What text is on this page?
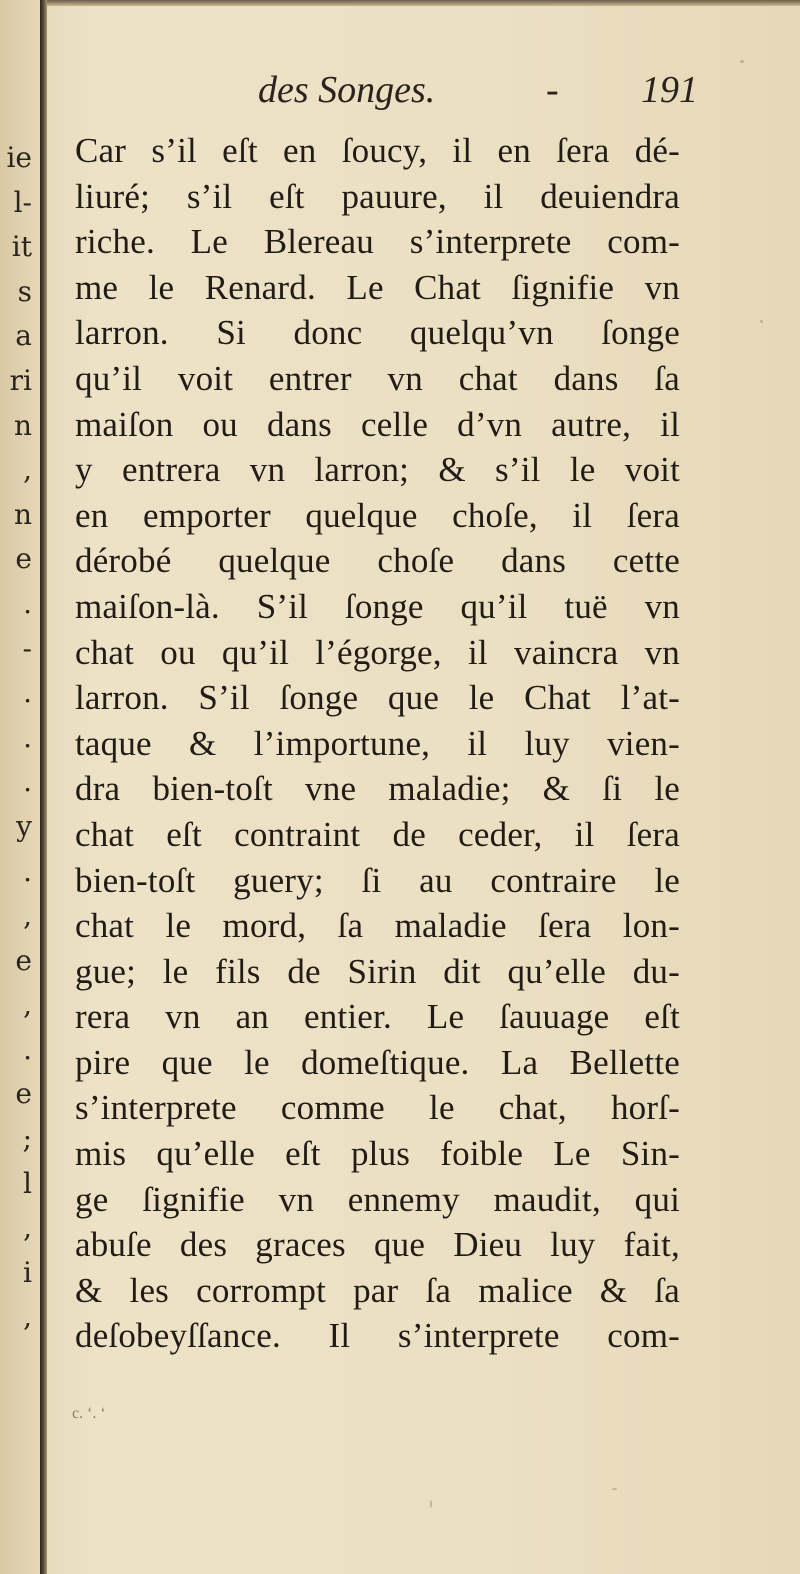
ie
l-
it
s
a
ri
n
,
n
e
.
-
.
.
.
y
.
,
e
,
.
e
;
l
,
i
,
des Songes.	- 191
Car s’il eſt en ſoucy, il en ſera dé-
liuré; s’il eſt pauure, il deuiendra
riche. Le Blereau s’interprete com-
me le Renard. Le Chat ſignifie vn
larron. Si donc quelqu’vn ſonge
qu’il voit entrer vn chat dans ſa
maiſon ou dans celle d’vn autre, il
y entrera vn larron; & s’il le voit
en emporter quelque choſe, il ſera
dérobé quelque choſe dans cette
maiſon-là. S’il ſonge qu’il tuë vn
chat ou qu’il l’égorge, il vaincra vn
larron. S’il ſonge que le Chat l’at-
taque & l’importune, il luy vien-
dra bien-toſt vne maladie; & ſi le
chat eſt contraint de ceder, il ſera
bien-toſt guery; ſi au contraire le
chat le mord, ſa maladie ſera lon-
gue; le fils de Sirin dit qu’elle du-
rera vn an entier. Le ſauuage eſt
pire que le domeſtique. La Bellette
s’interprete comme le chat, horſ-
mis qu’elle eſt plus foible Le Sin-
ge ſignifie vn ennemy maudit, qui
abuſe des graces que Dieu luy fait,
& les corrompt par ſa malice & ſa
deſobeyſſance. Il s’interprete com-
c. ‘. ‘
